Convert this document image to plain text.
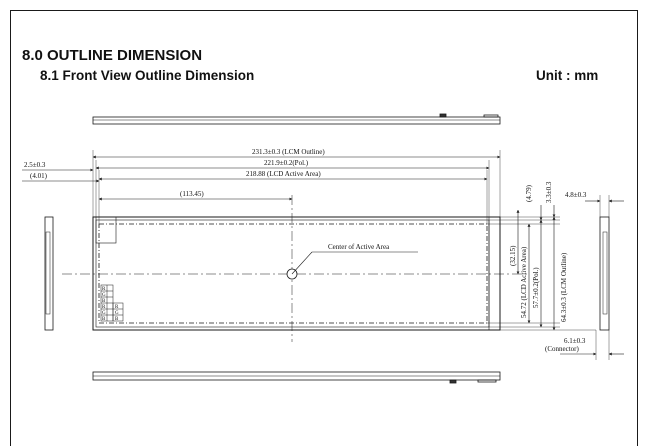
8.0 OUTLINE DIMENSION
8.1 Front View Outline Dimension	Unit : mm
Center of Active Area
R
G
B
R
G
B
R
G
B
231.3±0.3 (LCM Outline)
221.9±0.2(Pol.)
218.88 (LCD Active Area)
(113.45)
2.5±0.3
(4.01)
(4.79) 3.3±0.3
(32.15) 54.72 (LCD Active Area) 57.7±0.2(Pol.)	64.3±0.3 (LCM Outline)
4.8±0.3
6.1±0.3
(Connector)
